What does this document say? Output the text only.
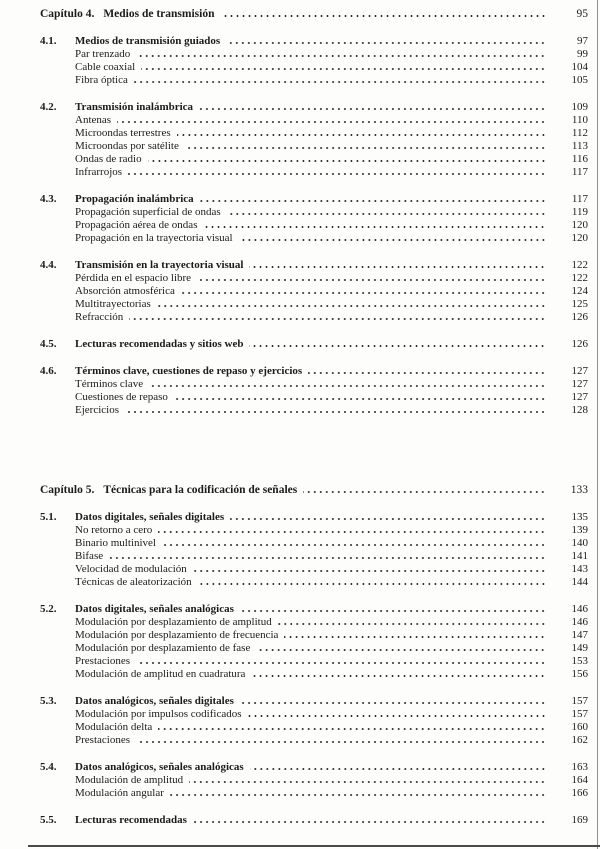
Capítulo 4. Medios de transmisión	95
4.1.	Medios de transmisión guiados	97
Par trenzado	99
Cable coaxial	104
Fibra óptica	105
4.2.	Transmisión inalámbrica	109
Antenas	110
Microondas terrestres	112
Microondas por satélite	113
Ondas de radio	116
Infrarrojos	117
4.3.	Propagación inalámbrica	117
Propagación superficial de ondas	119
Propagación aérea de ondas	120
Propagación en la trayectoria visual	120
4.4.	Transmisión en la trayectoria visual	122
Pérdida en el espacio libre	122
Absorción atmosférica	124
Multitrayectorias	125
Refracción	126
4.5.	Lecturas recomendadas y sitios web	126
4.6.	Términos clave, cuestiones de repaso y ejercicios	127
Términos clave	127
Cuestiones de repaso	127
Ejercicios	128
Capítulo 5. Técnicas para la codificación de señales	133
5.1.	Datos digitales, señales digitales	135
No retorno a cero	139
Binario multinivel	140
Bifase	141
Velocidad de modulación	143
Técnicas de aleatorización	144
5.2.	Datos digitales, señales analógicas	146
Modulación por desplazamiento de amplitud	146
Modulación por desplazamiento de frecuencia	147
Modulación por desplazamiento de fase	149
Prestaciones	153
Modulación de amplitud en cuadratura	156
5.3.	Datos analógicos, señales digitales	157
Modulación por impulsos codificados	157
Modulación delta	160
Prestaciones	162
5.4.	Datos analógicos, señales analógicas	163
Modulación de amplitud	164
Modulación angular	166
5.5.	Lecturas recomendadas	169
